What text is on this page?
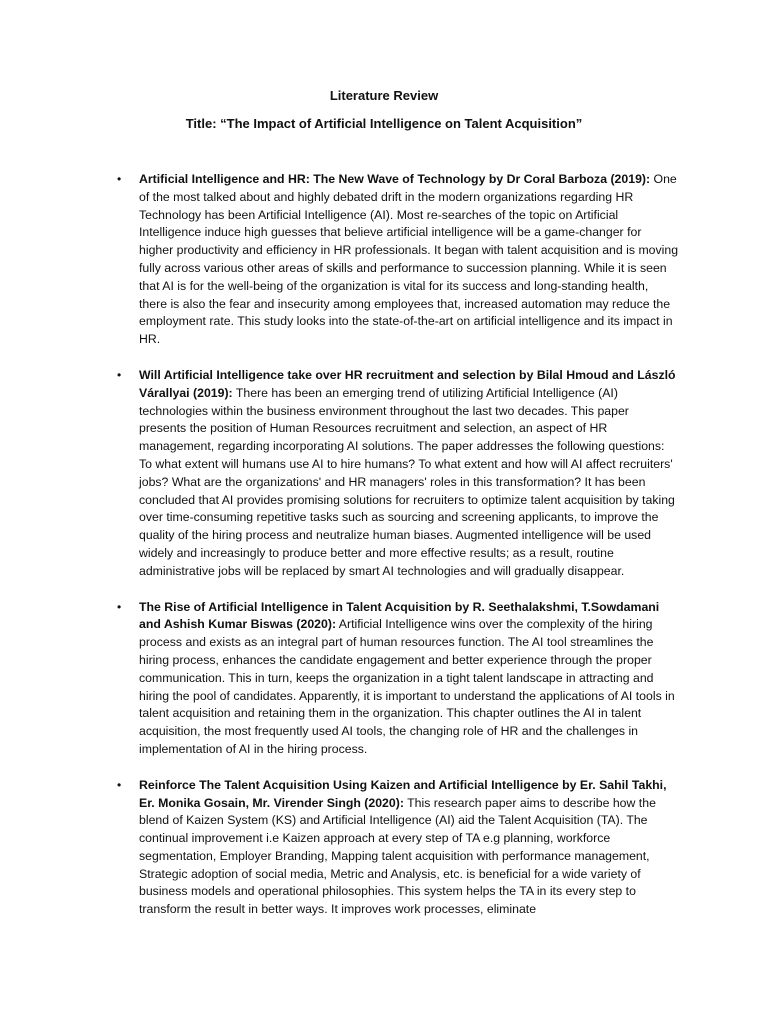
Literature Review
Title: “The Impact of Artificial Intelligence on Talent Acquisition”
• Artificial Intelligence and HR: The New Wave of Technology by Dr Coral Barboza (2019): One of the most talked about and highly debated drift in the modern organizations regarding HR Technology has been Artificial Intelligence (AI). Most re-searches of the topic on Artificial Intelligence induce high guesses that believe artificial intelligence will be a game-changer for higher productivity and efficiency in HR professionals. It began with talent acquisition and is moving fully across various other areas of skills and performance to succession planning. While it is seen that AI is for the well-being of the organization is vital for its success and long-standing health, there is also the fear and insecurity among employees that, increased automation may reduce the employment rate. This study looks into the state-of-the-art on artificial intelligence and its impact in HR.
• Will Artificial Intelligence take over HR recruitment and selection by Bilal Hmoud and László Várallyai (2019): There has been an emerging trend of utilizing Artificial Intelligence (AI) technologies within the business environment throughout the last two decades. This paper presents the position of Human Resources recruitment and selection, an aspect of HR management, regarding incorporating AI solutions. The paper addresses the following questions: To what extent will humans use AI to hire humans? To what extent and how will AI affect recruiters' jobs? What are the organizations' and HR managers' roles in this transformation? It has been concluded that AI provides promising solutions for recruiters to optimize talent acquisition by taking over time-consuming repetitive tasks such as sourcing and screening applicants, to improve the quality of the hiring process and neutralize human biases. Augmented intelligence will be used widely and increasingly to produce better and more effective results; as a result, routine administrative jobs will be replaced by smart AI technologies and will gradually disappear.
• The Rise of Artificial Intelligence in Talent Acquisition by R. Seethalakshmi, T.Sowdamani and Ashish Kumar Biswas (2020): Artificial Intelligence wins over the complexity of the hiring process and exists as an integral part of human resources function. The AI tool streamlines the hiring process, enhances the candidate engagement and better experience through the proper communication. This in turn, keeps the organization in a tight talent landscape in attracting and hiring the pool of candidates. Apparently, it is important to understand the applications of AI tools in talent acquisition and retaining them in the organization. This chapter outlines the AI in talent acquisition, the most frequently used AI tools, the changing role of HR and the challenges in implementation of AI in the hiring process.
• Reinforce The Talent Acquisition Using Kaizen and Artificial Intelligence by Er. Sahil Takhi, Er. Monika Gosain, Mr. Virender Singh (2020): This research paper aims to describe how the blend of Kaizen System (KS) and Artificial Intelligence (AI) aid the Talent Acquisition (TA). The continual improvement i.e Kaizen approach at every step of TA e.g planning, workforce segmentation, Employer Branding, Mapping talent acquisition with performance management, Strategic adoption of social media, Metric and Analysis, etc. is beneficial for a wide variety of business models and operational philosophies. This system helps the TA in its every step to transform the result in better ways. It improves work processes, eliminate
